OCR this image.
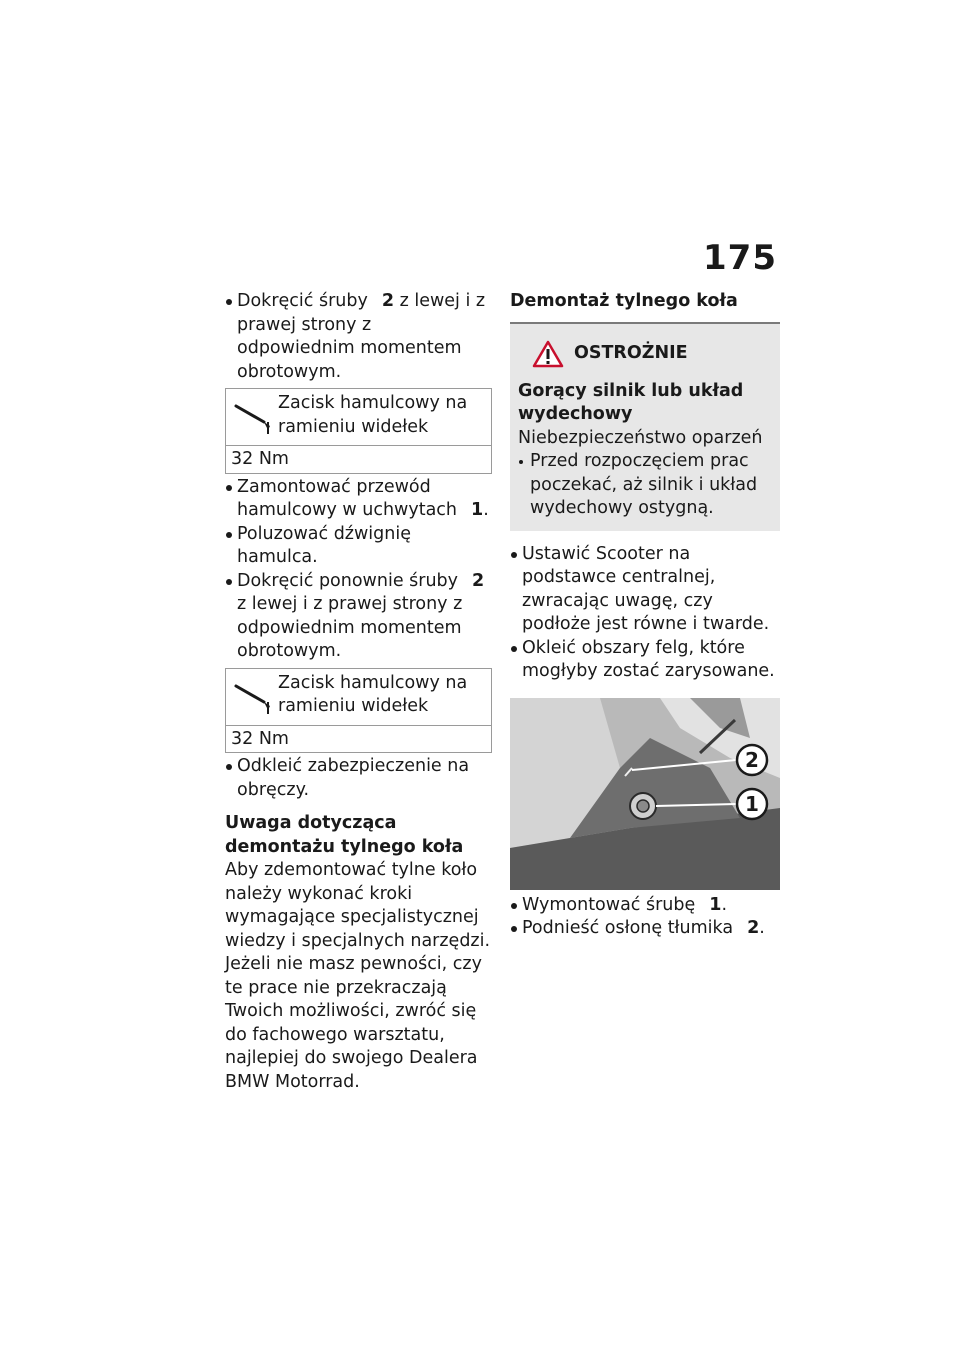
175
Dokręcić śruby 2 z lewej i z prawej strony z odpowiednim momentem obrotowym.
Zacisk hamulcowy na ramieniu widełek
32 Nm
Zamontować przewód hamulcowy w uchwytach 1.
Poluzować dźwignię hamulca.
Dokręcić ponownie śruby 2 z lewej i z prawej strony z odpowiednim momentem obrotowym.
Zacisk hamulcowy na ramieniu widełek
32 Nm
Odkleić zabezpieczenie na obręczy.
Uwaga dotycząca demontażu tylnego koła
Aby zdemontować tylne koło należy wykonać kroki wymagające specjalistycznej wiedzy i specjalnych narzędzi. Jeżeli nie masz pewności, czy te prace nie przekraczają Twoich możliwości, zwróć się do fachowego warsztatu, najlepiej do swojego Dealera BMW Motorrad.
Demontaż tylnego koła
OSTROŻNIE
Gorący silnik lub układ wydechowy
Niebezpieczeństwo oparzeń
Przed rozpoczęciem prac poczekać, aż silnik i układ wydechowy ostygną.
Ustawić Scooter na podstawce centralnej, zwracając uwagę, czy podłoże jest równe i twarde.
Okleić obszary felg, które mogłyby zostać zarysowane.
2
1
Wymontować śrubę 1.
Podnieść osłonę tłumika 2.
